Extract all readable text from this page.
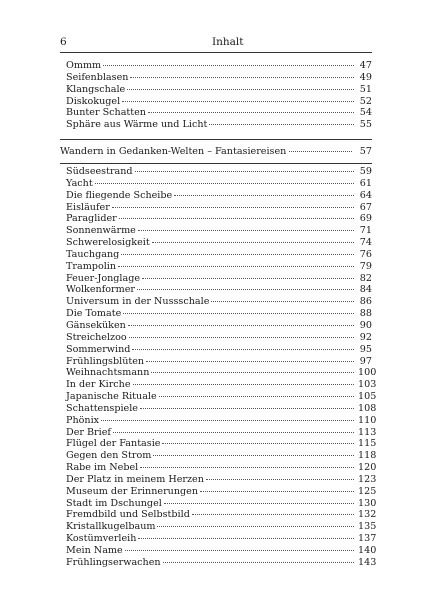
6	Inhalt
Ommm	47
Seifenblasen	49
Klangschale	51
Diskokugel	52
Bunter Schatten	54
Sphäre aus Wärme und Licht	55
Wandern in Gedanken-Welten – Fantasiereisen	57
Südseestrand	59
Yacht	61
Die fliegende Scheibe	64
Eisläufer	67
Paraglider	69
Sonnenwärme	71
Schwerelosigkeit	74
Tauchgang	76
Trampolin	79
Feuer-Jonglage	82
Wolkenformer	84
Universum in der Nussschale	86
Die Tomate	88
Gänseküken	90
Streichelzoo	92
Sommerwind	95
Frühlingsblüten	97
Weihnachtsmann	100
In der Kirche	103
Japanische Rituale	105
Schattenspiele	108
Phönix	110
Der Brief	113
Flügel der Fantasie	115
Gegen den Strom	118
Rabe im Nebel	120
Der Platz in meinem Herzen	123
Museum der Erinnerungen	125
Stadt im Dschungel	130
Fremdbild und Selbstbild	132
Kristallkugelbaum	135
Kostümverleih	137
Mein Name	140
Frühlingserwachen	143
